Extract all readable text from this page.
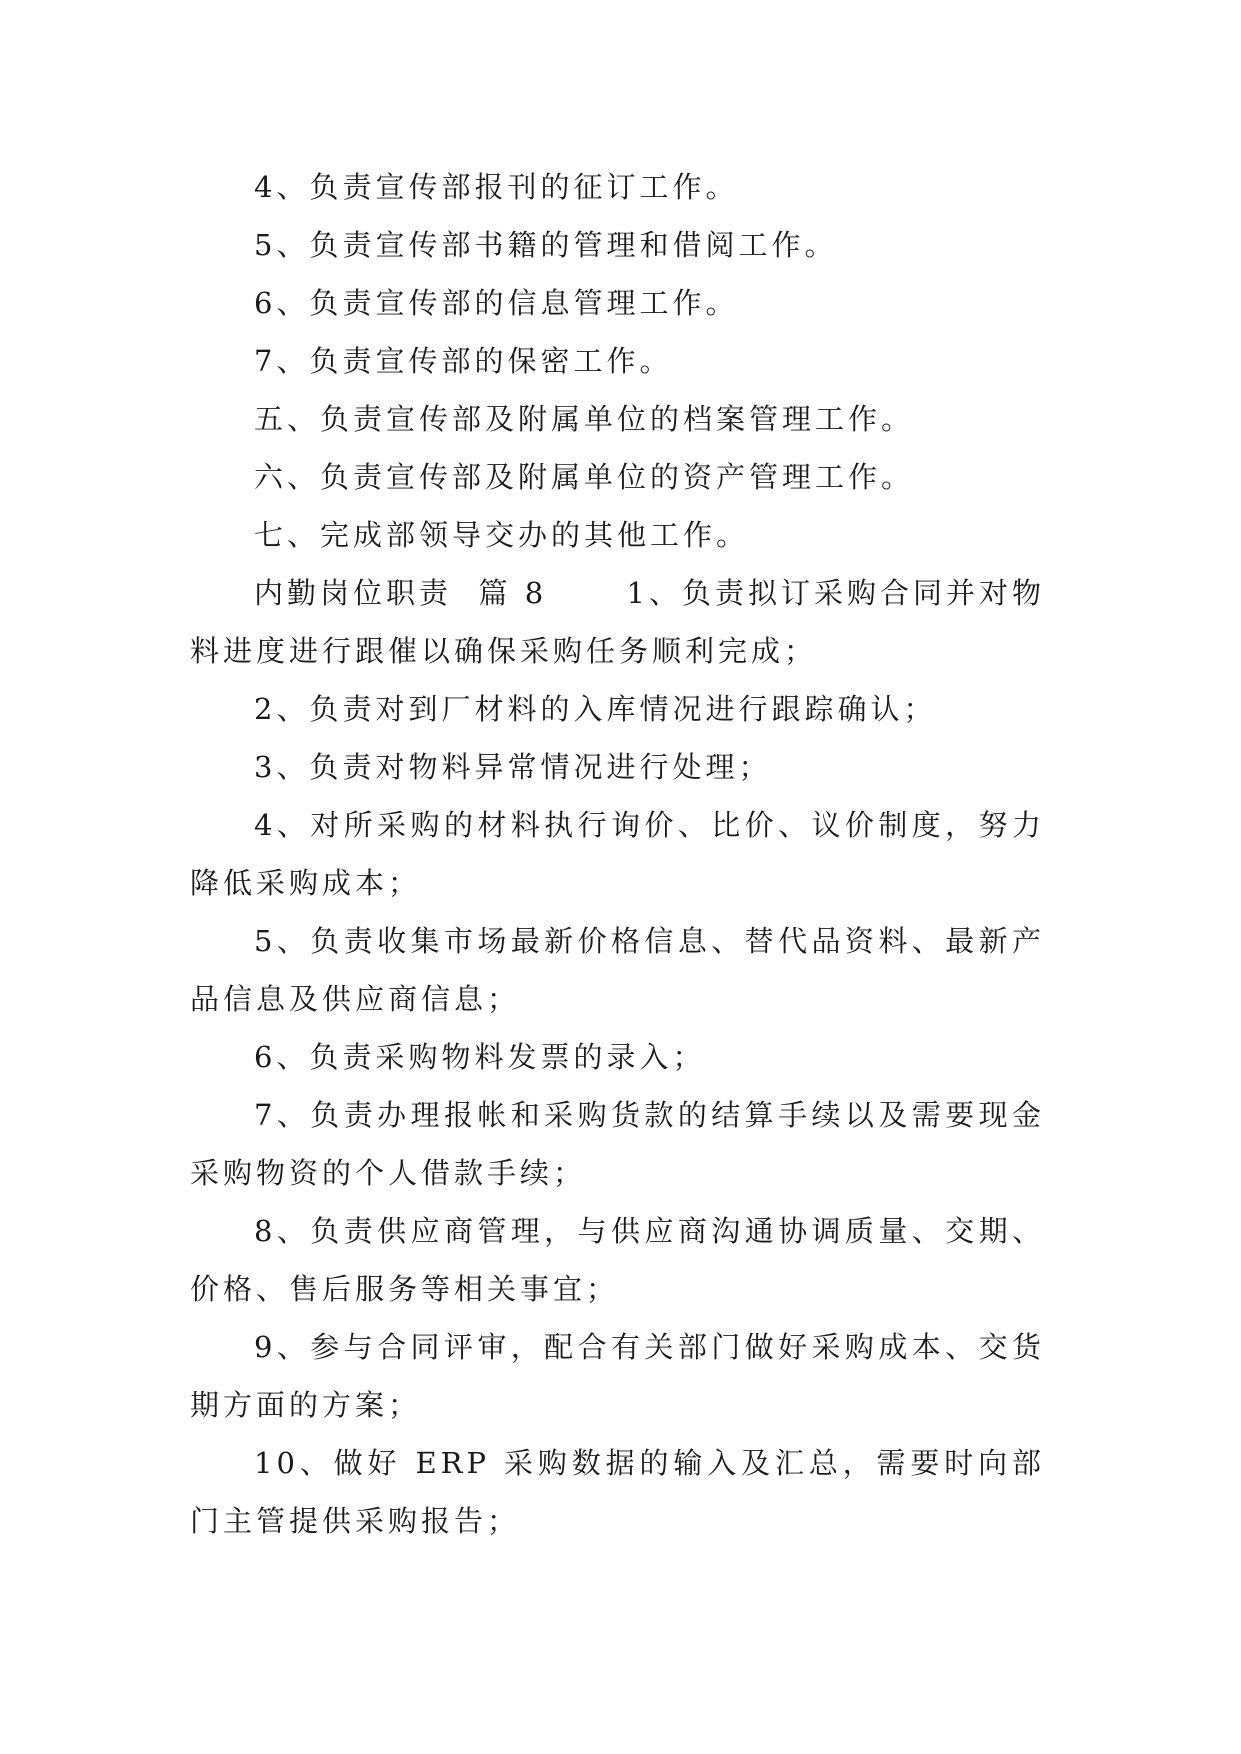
4、负责宣传部报刊的征订工作。

5、负责宣传部书籍的管理和借阅工作。

6、负责宣传部的信息管理工作。

7、负责宣传部的保密工作。

五、负责宣传部及附属单位的档案管理工作。

六、负责宣传部及附属单位的资产管理工作。

七、完成部领导交办的其他工作。

内勤岗位职责  篇 8      1、负责拟订采购合同并对物料进度进行跟催以确保采购任务顺利完成；

2、负责对到厂材料的入库情况进行跟踪确认；

3、负责对物料异常情况进行处理；

4、对所采购的材料执行询价、比价、议价制度，努力降低采购成本；

5、负责收集市场最新价格信息、替代品资料、最新产品信息及供应商信息；

6、负责采购物料发票的录入；

7、负责办理报帐和采购货款的结算手续以及需要现金采购物资的个人借款手续；

8、负责供应商管理，与供应商沟通协调质量、交期、价格、售后服务等相关事宜；

9、参与合同评审，配合有关部门做好采购成本、交货期方面的方案；

10、做好 ERP 采购数据的输入及汇总，需要时向部门主管提供采购报告；
